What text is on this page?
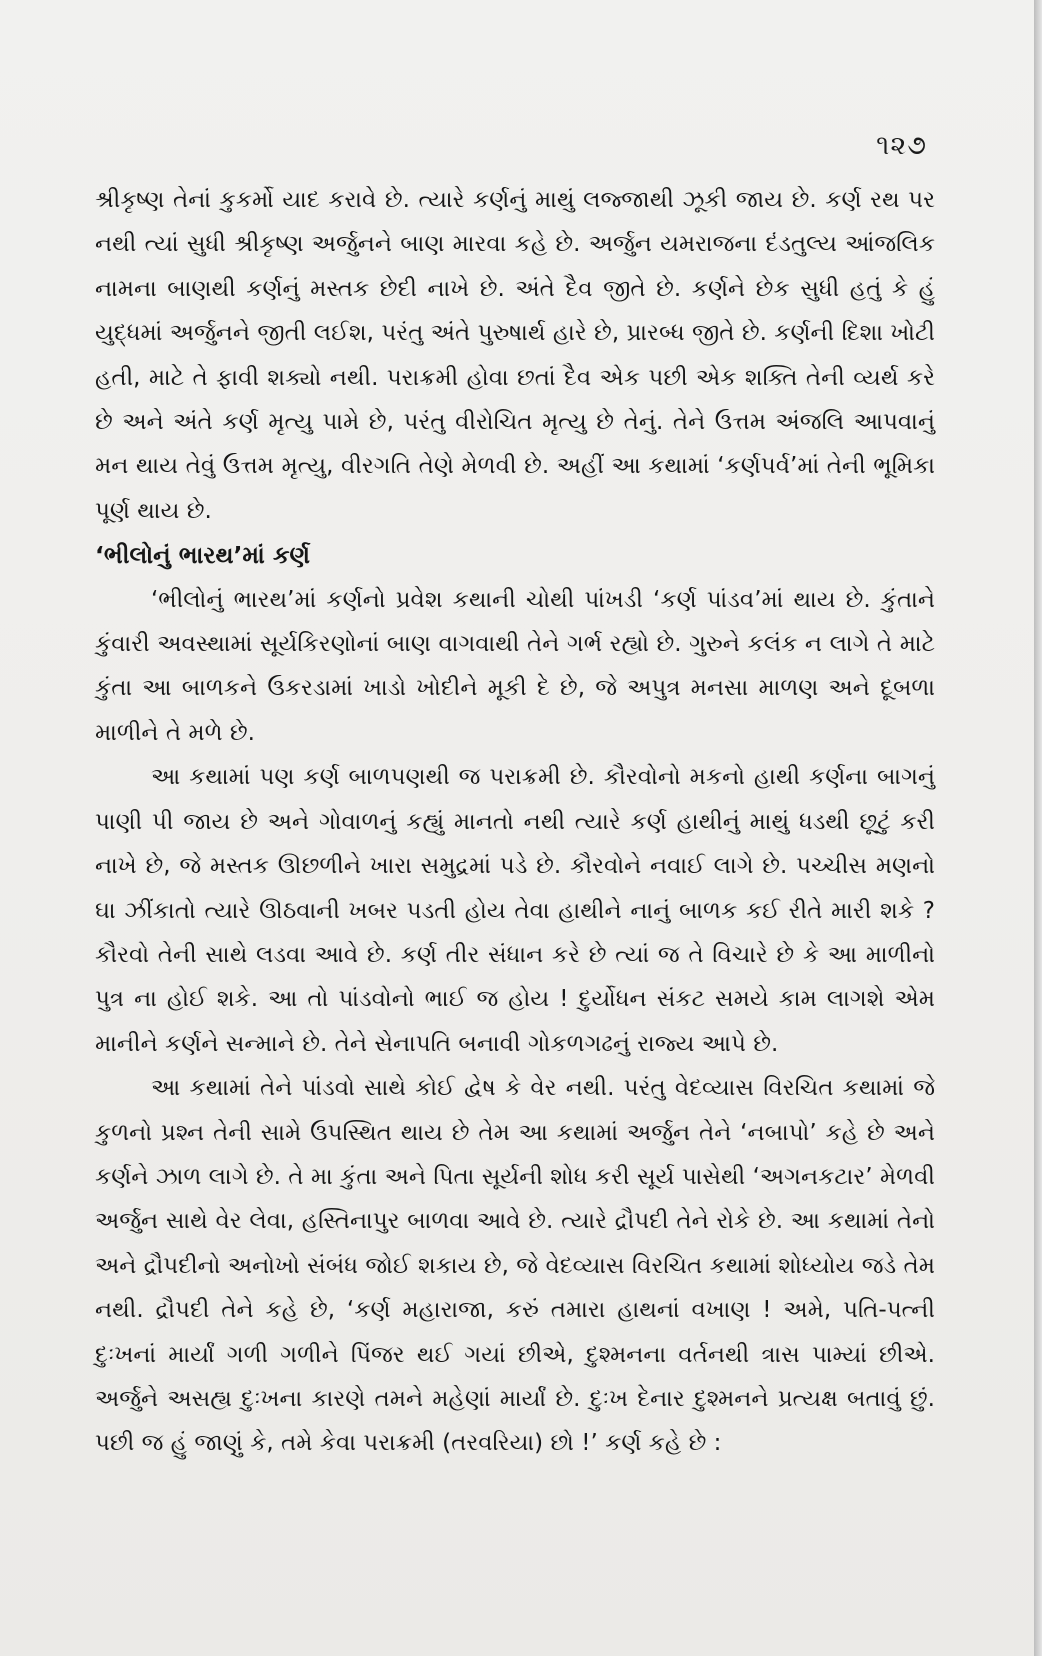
૧૨૭

શ્રીકૃષ્ણ તેનાં કુકર્મો યાદ કરાવે છે. ત્યારે કર્ણનું માથું લજ્જાથી ઝૂકી જાય છે. કર્ણ રથ પર નથી ત્યાં સુધી શ્રીકૃષ્ણ અર્જુનને બાણ મારવા કહે છે. અર્જુન યમરાજના દંડતુલ્ય આંજલિક નામના બાણથી કર્ણનું મસ્તક છેદી નાખે છે. અંતે દૈવ જીતે છે. કર્ણને છેક સુધી હતું કે હું યુદ્ધમાં અર્જુનને જીતી લઈશ, પરંતુ અંતે પુરુષાર્થ હારે છે, પ્રારબ્ધ જીતે છે. કર્ણની દિશા ખોટી હતી, માટે તે ફાવી શક્યો નથી. પરાક્રમી હોવા છતાં દૈવ એક પછી એક શક્તિ તેની વ્યર્થ કરે છે અને અંતે કર્ણ મૃત્યુ પામે છે, પરંતુ વીરોચિત મૃત્યુ છે તેનું. તેને ઉત્તમ અંજલિ આપવાનું મન થાય તેવું ઉત્તમ મૃત્યુ, વીરગતિ તેણે મેળવી છે. અહીં આ કથામાં ‘કર્ણપર્વ’માં તેની ભૂમિકા પૂર્ણ થાય છે.

‘ભીલોનું ભારથ’માં કર્ણ

‘ભીલોનું ભારથ’માં કર્ણનો પ્રવેશ કથાની ચોથી પાંખડી ‘કર્ણ પાંડવ’માં થાય છે. કુંતાને કુંવારી અવસ્થામાં સૂર્યકિરણોનાં બાણ વાગવાથી તેને ગર્ભ રહ્યો છે. ગુરુને કલંક ન લાગે તે માટે કુંતા આ બાળકને ઉકરડામાં ખાડો ખોદીને મૂકી દે છે, જે અપુત્ર મનસા માળણ અને દૂબળા માળીને તે મળે છે.

આ કથામાં પણ કર્ણ બાળપણથી જ પરાક્રમી છે. કૌરવોનો મકનો હાથી કર્ણના બાગનું પાણી પી જાય છે અને ગોવાળનું કહ્યું માનતો નથી ત્યારે કર્ણ હાથીનું માથું ધડથી છૂટું કરી નાખે છે, જે મસ્તક ઊછળીને ખારા સમુદ્રમાં પડે છે. કૌરવોને નવાઈ લાગે છે. પચ્ચીસ મણનો ઘા ઝીંકાતો ત્યારે ઊઠવાની ખબર પડતી હોય તેવા હાથીને નાનું બાળક કઈ રીતે મારી શકે ? કૌરવો તેની સાથે લડવા આવે છે. કર્ણ તીર સંધાન કરે છે ત્યાં જ તે વિચારે છે કે આ માળીનો પુત્ર ના હોઈ શકે. આ તો પાંડવોનો ભાઈ જ હોય ! દુર્યોધન સંકટ સમયે કામ લાગશે એમ માનીને કર્ણને સન્માને છે. તેને સેનાપતિ બનાવી ગોકળગઢનું રાજ્ય આપે છે.

આ કથામાં તેને પાંડવો સાથે કોઈ દ્વેષ કે વેર નથી. પરંતુ વેદવ્યાસ વિરચિત કથામાં જે કુળનો પ્રશ્ન તેની સામે ઉપસ્થિત થાય છે તેમ આ કથામાં અર્જુન તેને ‘નબાપો’ કહે છે અને કર્ણને ઝાળ લાગે છે. તે મા કુંતા અને પિતા સૂર્યની શોધ કરી સૂર્ય પાસેથી ‘અગનકટાર’ મેળવી અર્જુન સાથે વેર લેવા, હસ્તિનાપુર બાળવા આવે છે. ત્યારે દ્રૌપદી તેને રોકે છે. આ કથામાં તેનો અને દ્રૌપદીનો અનોખો સંબંધ જોઈ શકાય છે, જે વેદવ્યાસ વિરચિત કથામાં શોધ્યોય જડે તેમ નથી. દ્રૌપદી તેને કહે છે, ‘કર્ણ મહારાજા, કરું તમારા હાથનાં વખાણ ! અમે, પતિ-પત્ની દુઃખનાં માર્યાં ગળી ગળીને પિંજર થઈ ગયાં છીએ, દુશ્મનના વર્તનથી ત્રાસ પામ્યાં છીએ. અર્જુને અસહ્ય દુઃખના કારણે તમને મહેણાં માર્યાં છે. દુઃખ દેનાર દુશ્મનને પ્રત્યક્ષ બતાવું છું. પછી જ હું જાણું કે, તમે કેવા પરાક્રમી (તરવરિયા) છો !’ કર્ણ કહે છે :
